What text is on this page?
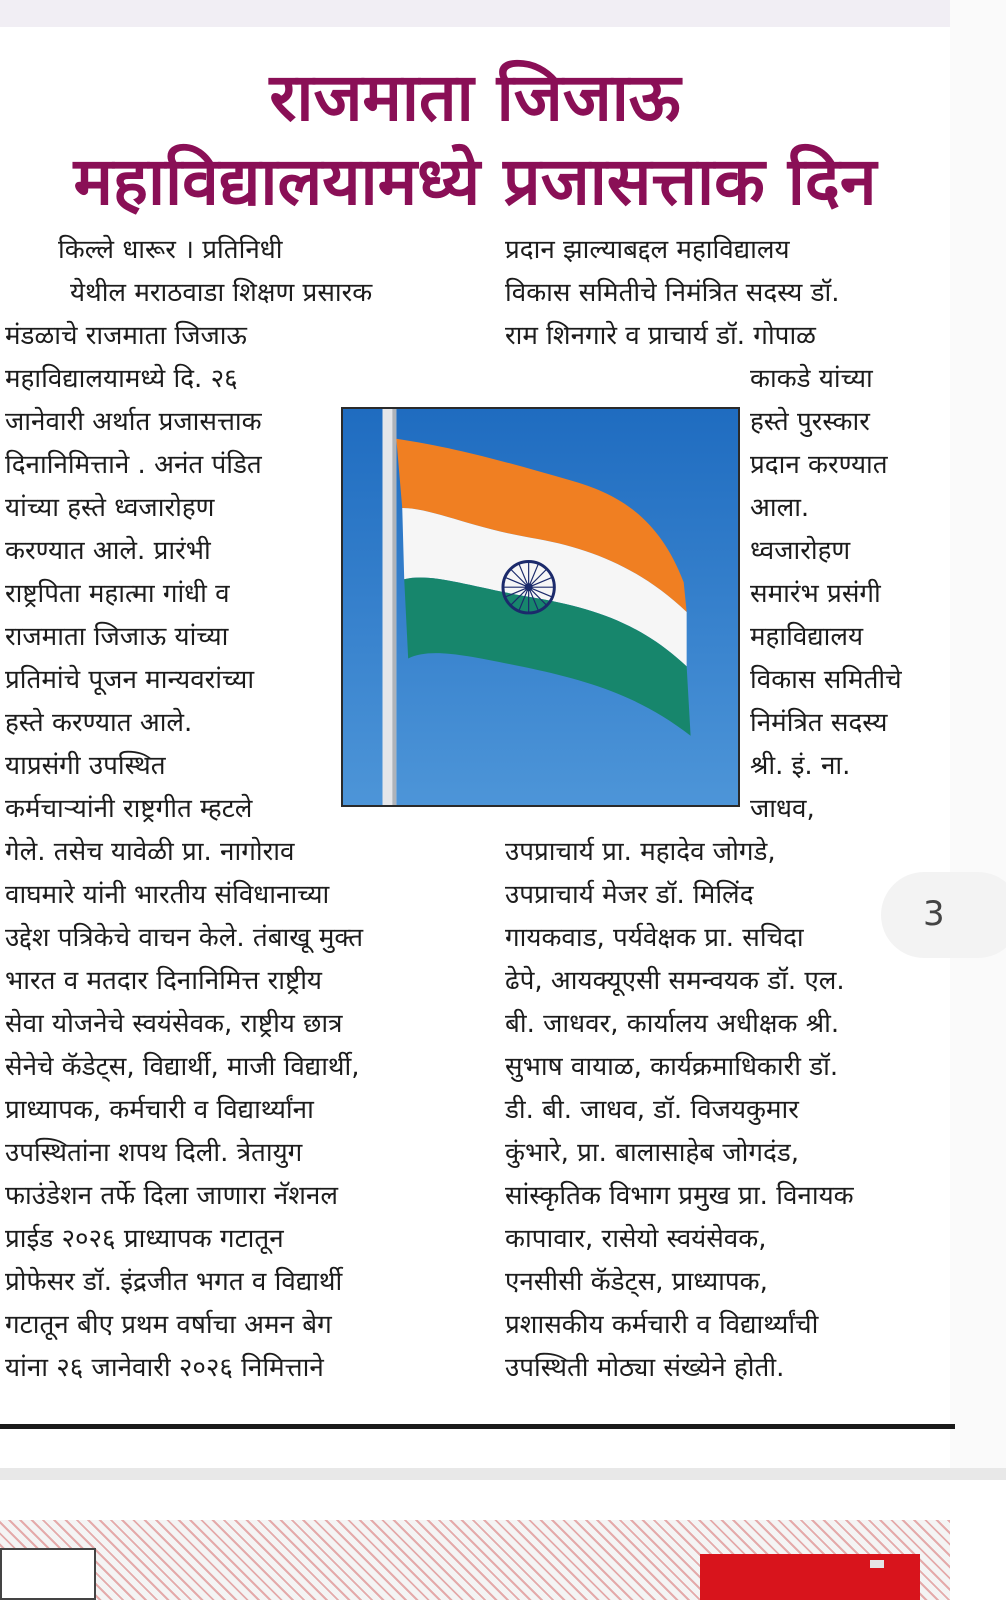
राजमाता जिजाऊ
महाविद्यालयामध्ये प्रजासत्ताक दिन
किल्ले धारूर । प्रतिनिधी
येथील मराठवाडा शिक्षण प्रसारक
मंडळाचे राजमाता जिजाऊ
महाविद्यालयामध्ये दि. २६
जानेवारी अर्थात प्रजासत्ताक
दिनानिमित्ताने . अनंत पंडित
यांच्या हस्ते ध्वजारोहण
करण्यात आले. प्रारंभी
राष्ट्रपिता महात्मा गांधी व
राजमाता जिजाऊ यांच्या
प्रतिमांचे पूजन मान्यवरांच्या
हस्ते करण्यात आले.
याप्रसंगी उपस्थित
कर्मचाऱ्यांनी राष्ट्रगीत म्हटले
गेले. तसेच यावेळी प्रा. नागोराव
वाघमारे यांनी भारतीय संविधानाच्या
उद्देश पत्रिकेचे वाचन केले. तंबाखू मुक्त
भारत व मतदार दिनानिमित्त राष्ट्रीय
सेवा योजनेचे स्वयंसेवक, राष्ट्रीय छात्र
सेनेचे कॅडेट्स, विद्यार्थी, माजी विद्यार्थी,
प्राध्यापक, कर्मचारी व विद्यार्थ्यांना
उपस्थितांना शपथ दिली. त्रेतायुग
फाउंडेशन तर्फे दिला जाणारा नॅशनल
प्राईड २०२६ प्राध्यापक गटातून
प्रोफेसर डॉ. इंद्रजीत भगत व विद्यार्थी
गटातून बीए प्रथम वर्षाचा अमन बेग
यांना २६ जानेवारी २०२६ निमित्ताने
प्रदान झाल्याबद्दल महाविद्यालय
विकास समितीचे निमंत्रित सदस्य डॉ.
राम शिनगारे व प्राचार्य डॉ. गोपाळ
काकडे यांच्या
हस्ते पुरस्कार
प्रदान करण्यात
आला.
ध्वजारोहण
समारंभ प्रसंगी
महाविद्यालय
विकास समितीचे
निमंत्रित सदस्य
श्री. इं. ना.
जाधव,
उपप्राचार्य प्रा. महादेव जोगडे,
उपप्राचार्य मेजर डॉ. मिलिंद
गायकवाड, पर्यवेक्षक प्रा. सचिदा
ढेपे, आयक्यूएसी समन्वयक डॉ. एल.
बी. जाधवर, कार्यालय अधीक्षक श्री.
सुभाष वायाळ, कार्यक्रमाधिकारी डॉ.
डी. बी. जाधव, डॉ. विजयकुमार
कुंभारे, प्रा. बालासाहेब जोगदंड,
सांस्कृतिक विभाग प्रमुख प्रा. विनायक
कापावार, रासेयो स्वयंसेवक,
एनसीसी कॅडेट्स, प्राध्यापक,
प्रशासकीय कर्मचारी व विद्यार्थ्यांची
उपस्थिती मोठ्या संख्येने होती.
3
